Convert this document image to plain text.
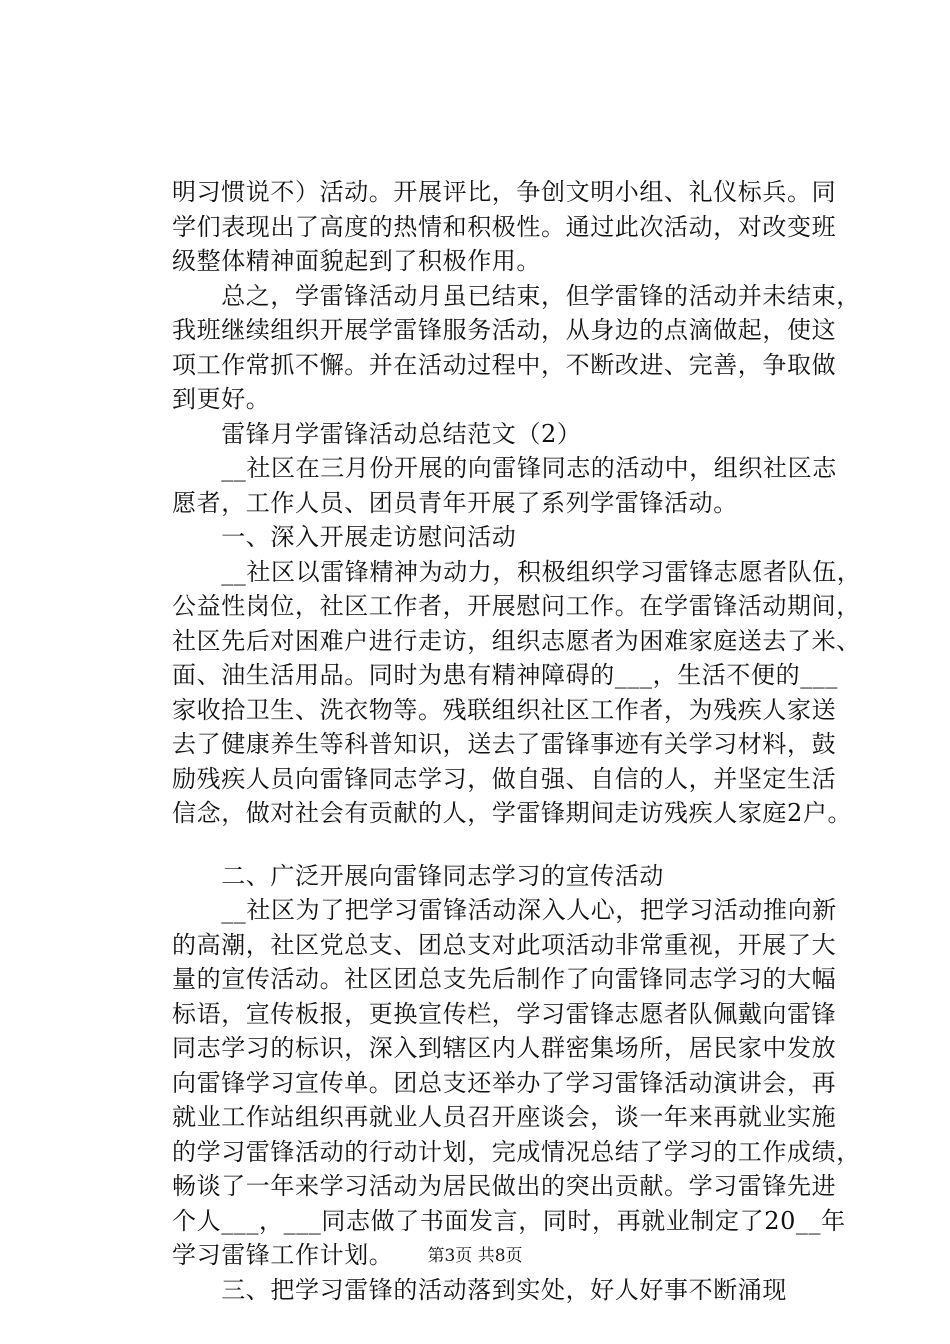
明习惯说不）活动。开展评比，争创文明小组、礼仪标兵。同
学们表现出了高度的热情和积极性。通过此次活动，对改变班
级整体精神面貌起到了积极作用。
　　总之，学雷锋活动月虽已结束，但学雷锋的活动并未结束，
我班继续组织开展学雷锋服务活动，从身边的点滴做起，使这
项工作常抓不懈。并在活动过程中，不断改进、完善，争取做
到更好。
　　雷锋月学雷锋活动总结范文（2）
　　__社区在三月份开展的向雷锋同志的活动中，组织社区志
愿者，工作人员、团员青年开展了系列学雷锋活动。
　　一、深入开展走访慰问活动
　　__社区以雷锋精神为动力，积极组织学习雷锋志愿者队伍，
公益性岗位，社区工作者，开展慰问工作。在学雷锋活动期间，
社区先后对困难户进行走访，组织志愿者为困难家庭送去了米、
面、油生活用品。同时为患有精神障碍的___，生活不便的___
家收拾卫生、洗衣物等。残联组织社区工作者，为残疾人家送
去了健康养生等科普知识，送去了雷锋事迹有关学习材料，鼓
励残疾人员向雷锋同志学习，做自强、自信的人，并坚定生活
信念，做对社会有贡献的人，学雷锋期间走访残疾人家庭2户。
　　二、广泛开展向雷锋同志学习的宣传活动
　　__社区为了把学习雷锋活动深入人心，把学习活动推向新
的高潮，社区党总支、团总支对此项活动非常重视，开展了大
量的宣传活动。社区团总支先后制作了向雷锋同志学习的大幅
标语，宣传板报，更换宣传栏，学习雷锋志愿者队佩戴向雷锋
同志学习的标识，深入到辖区内人群密集场所，居民家中发放
向雷锋学习宣传单。团总支还举办了学习雷锋活动演讲会，再
就业工作站组织再就业人员召开座谈会，谈一年来再就业实施
的学习雷锋活动的行动计划，完成情况总结了学习的工作成绩，
畅谈了一年来学习活动为居民做出的突出贡献。学习雷锋先进
个人___，___同志做了书面发言，同时，再就业制定了20__年
学习雷锋工作计划。
　　三、把学习雷锋的活动落到实处，好人好事不断涌现
第3页 共8页
